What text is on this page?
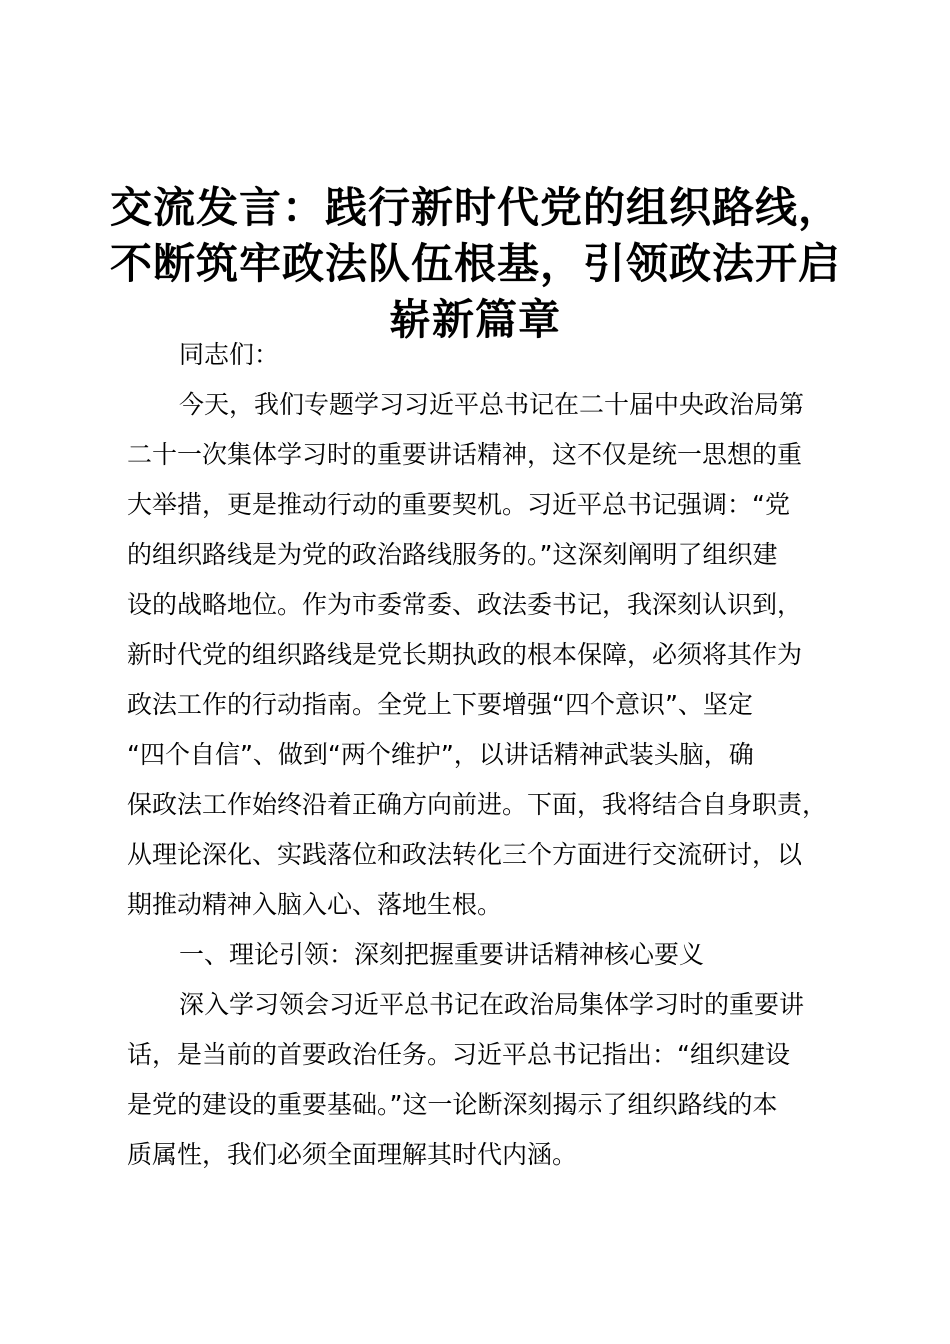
交流发言：践行新时代党的组织路线，
不断筑牢政法队伍根基，引领政法开启
崭新篇章

同志们：

今天，我们专题学习习近平总书记在二十届中央政治局第
二十一次集体学习时的重要讲话精神，这不仅是统一思想的重
大举措，更是推动行动的重要契机。习近平总书记强调：“党
的组织路线是为党的政治路线服务的。”这深刻阐明了组织建
设的战略地位。作为市委常委、政法委书记，我深刻认识到，
新时代党的组织路线是党长期执政的根本保障，必须将其作为
政法工作的行动指南。全党上下要增强“四个意识”、坚定
“四个自信”、做到“两个维护”，以讲话精神武装头脑，确
保政法工作始终沿着正确方向前进。下面，我将结合自身职责，
从理论深化、实践落位和政法转化三个方面进行交流研讨，以
期推动精神入脑入心、落地生根。

一、理论引领：深刻把握重要讲话精神核心要义

深入学习领会习近平总书记在政治局集体学习时的重要讲
话，是当前的首要政治任务。习近平总书记指出：“组织建设
是党的建设的重要基础。”这一论断深刻揭示了组织路线的本
质属性，我们必须全面理解其时代内涵。
